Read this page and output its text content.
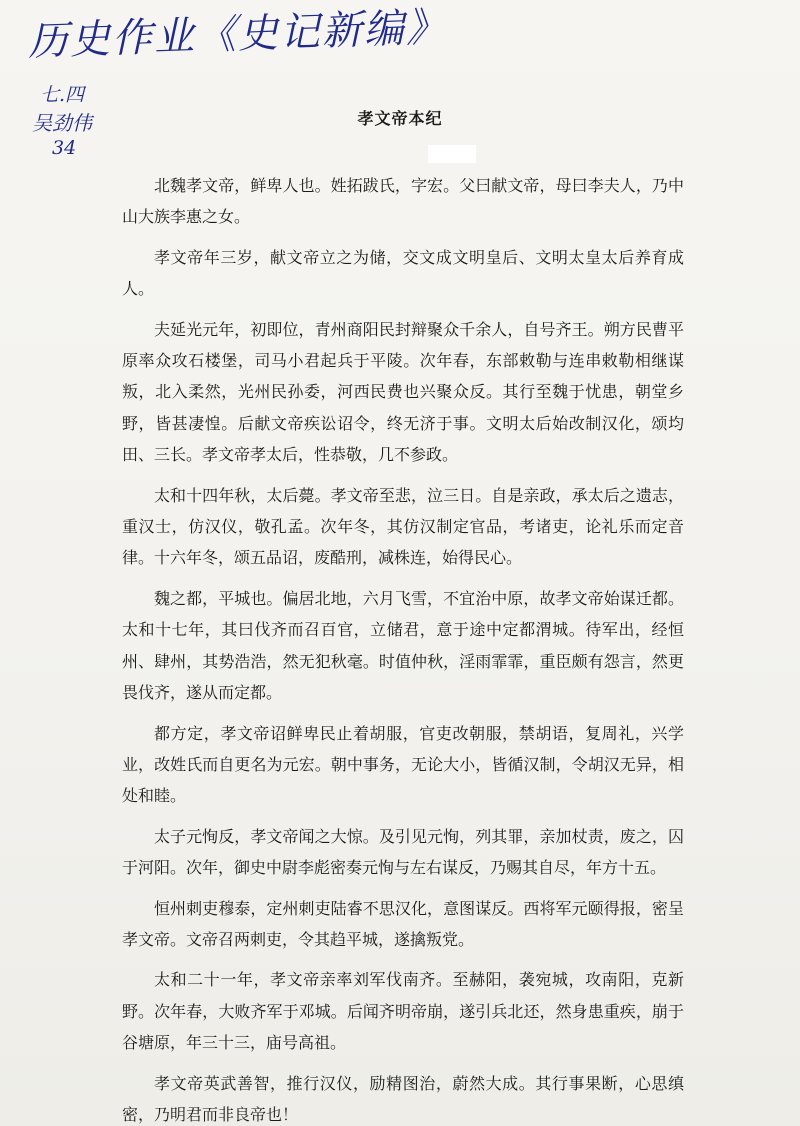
历史作业《史记新编》
七.四
吴劲伟
34
孝文帝本纪

北魏孝文帝，鲜卑人也。姓拓跋氏，字宏。父曰献文帝，母曰李夫人，乃中山大族李惠之女。

孝文帝年三岁，献文帝立之为储，交文成文明皇后、文明太皇太后养育成人。

夫延光元年，初即位，青州商阳民封辩聚众千余人，自号齐王。朔方民曹平原率众攻石楼堡，司马小君起兵于平陵。次年春，东部敕勒与连串敕勒相继谋叛，北入柔然，光州民孙委，河西民费也兴聚众反。其行至魏于忧患，朝堂乡野，皆甚凄惶。后献文帝疾讼诏令，终无济于事。文明太后始改制汉化，颂均田、三长。孝文帝孝太后，性恭敬，几不参政。

太和十四年秋，太后薨。孝文帝至悲，泣三日。自是亲政，承太后之遗志，重汉士，仿汉仪，敬孔孟。次年冬，其仿汉制定官品，考诸吏，论礼乐而定音律。十六年冬，颂五品诏，废酷刑，减株连，始得民心。

魏之都，平城也。偏居北地，六月飞雪，不宜治中原，故孝文帝始谋迁都。太和十七年，其曰伐齐而召百官，立储君，意于途中定都渭城。待军出，经恒州、肆州，其势浩浩，然无犯秋毫。时值仲秋，淫雨霏霏，重臣颇有怨言，然更畏伐齐，遂从而定都。

都方定，孝文帝诏鲜卑民止着胡服，官吏改朝服，禁胡语，复周礼，兴学业，改姓氏而自更名为元宏。朝中事务，无论大小，皆循汉制，令胡汉无异，相处和睦。

太子元恂反，孝文帝闻之大惊。及引见元恂，列其罪，亲加杖责，废之，囚于河阳。次年，御史中尉李彪密奏元恂与左右谋反，乃赐其自尽，年方十五。

恒州刺吏穆泰，定州刺吏陆睿不思汉化，意图谋反。西将军元颐得报，密呈孝文帝。文帝召两刺吏，令其趋平城，遂擒叛党。

太和二十一年，孝文帝亲率刘军伐南齐。至赫阳，袭宛城，攻南阳，克新野。次年春，大败齐军于邓城。后闻齐明帝崩，遂引兵北还，然身患重疾，崩于谷塘原，年三十三，庙号高祖。

孝文帝英武善智，推行汉仪，励精图治，蔚然大成。其行事果断，心思缜密，乃明君而非良帝也！
